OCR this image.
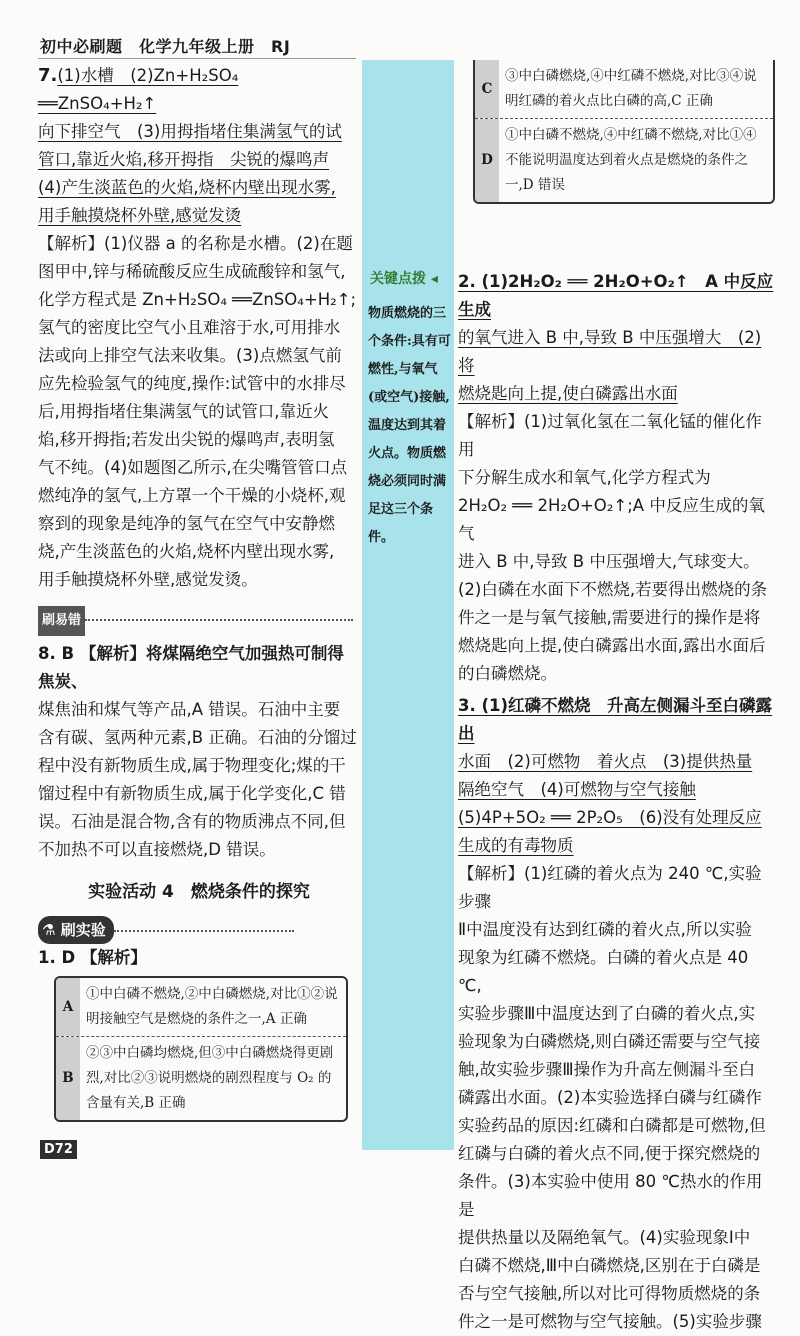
初中必刷题　化学九年级上册　RJ
关键点拨 ◂
物质燃烧的三个条件:具有可燃性,与氧气(或空气)接触,温度达到其着火点。物质燃烧必须同时满足这三个条件。

7.(1)水槽　(2)Zn+H₂SO₄ ══ZnSO₄+H₂↑

向下排空气　(3)用拇指堵住集满氢气的试

管口,靠近火焰,移开拇指　尖锐的爆鸣声

(4)产生淡蓝色的火焰,烧杯内壁出现水雾,

用手触摸烧杯外壁,感觉发烫

【解析】(1)仪器 a 的名称是水槽。(2)在题

图甲中,锌与稀硫酸反应生成硫酸锌和氢气,

化学方程式是 Zn+H₂SO₄ ══ZnSO₄+H₂↑;

氢气的密度比空气小且难溶于水,可用排水

法或向上排空气法来收集。(3)点燃氢气前

应先检验氢气的纯度,操作:试管中的水排尽

后,用拇指堵住集满氢气的试管口,靠近火

焰,移开拇指;若发出尖锐的爆鸣声,表明氢

气不纯。(4)如题图乙所示,在尖嘴管管口点

燃纯净的氢气,上方罩一个干燥的小烧杯,观

察到的现象是纯净的氢气在空气中安静燃

烧,产生淡蓝色的火焰,烧杯内壁出现水雾,

用手触摸烧杯外壁,感觉发烫。

刷易错

8. B 【解析】将煤隔绝空气加强热可制得焦炭、

煤焦油和煤气等产品,A 错误。石油中主要

含有碳、氢两种元素,B 正确。石油的分馏过

程中没有新物质生成,属于物理变化;煤的干

馏过程中有新物质生成,属于化学变化,C 错

误。石油是混合物,含有的物质沸点不同,但

不加热不可以直接燃烧,D 错误。

实验活动 4　燃烧条件的探究
⚗ 刷实验

1. D 【解析】

A
①中白磷不燃烧,②中白磷燃烧,对比①②说明接触空气是燃烧的条件之一,A 正确
B
②③中白磷均燃烧,但③中白磷燃烧得更剧烈,对比②③说明燃烧的剧烈程度与 O₂ 的含量有关,B 正确
C
③中白磷燃烧,④中红磷不燃烧,对比③④说明红磷的着火点比白磷的高,C 正确
D
①中白磷不燃烧,④中红磷不燃烧,对比①④不能说明温度达到着火点是燃烧的条件之一,D 错误

2. (1)2H₂O₂ ══ 2H₂O+O₂↑　A 中反应生成

的氧气进入 B 中,导致 B 中压强增大　(2)将

燃烧匙向上提,使白磷露出水面

【解析】(1)过氧化氢在二氧化锰的催化作用

下分解生成水和氧气,化学方程式为

2H₂O₂ ══ 2H₂O+O₂↑;A 中反应生成的氧气

进入 B 中,导致 B 中压强增大,气球变大。

(2)白磷在水面下不燃烧,若要得出燃烧的条

件之一是与氧气接触,需要进行的操作是将

燃烧匙向上提,使白磷露出水面,露出水面后

的白磷燃烧。

3. (1)红磷不燃烧　升高左侧漏斗至白磷露出

水面　(2)可燃物　着火点　(3)提供热量

隔绝空气　(4)可燃物与空气接触

(5)4P+5O₂ ══ 2P₂O₅　(6)没有处理反应

生成的有毒物质

【解析】(1)红磷的着火点为 240 ℃,实验步骤

Ⅱ中温度没有达到红磷的着火点,所以实验

现象为红磷不燃烧。白磷的着火点是 40 ℃,

实验步骤Ⅲ中温度达到了白磷的着火点,实

验现象为白磷燃烧,则白磷还需要与空气接

触,故实验步骤Ⅲ操作为升高左侧漏斗至白

磷露出水面。(2)本实验选择白磷与红磷作

实验药品的原因:红磷和白磷都是可燃物,但

红磷与白磷的着火点不同,便于探究燃烧的

条件。(3)本实验中使用 80 ℃热水的作用是

提供热量以及隔绝氧气。(4)实验现象Ⅰ中

白磷不燃烧,Ⅲ中白磷燃烧,区别在于白磷是

否与空气接触,所以对比可得物质燃烧的条

件之一是可燃物与空气接触。(5)实验步骤

D72
